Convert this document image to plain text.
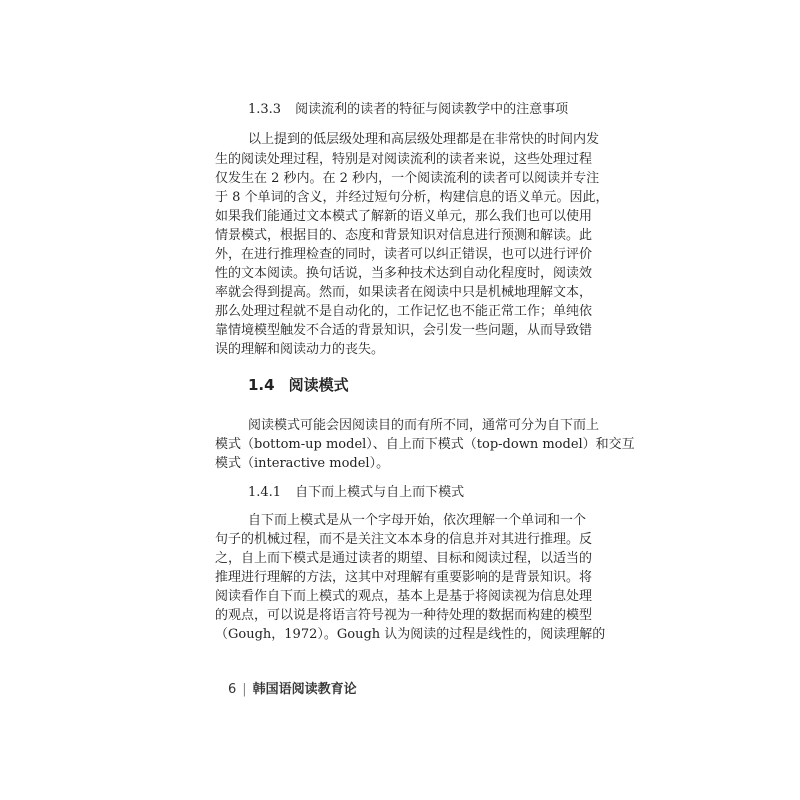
1.3.3 阅读流利的读者的特征与阅读教学中的注意事项
以上提到的低层级处理和高层级处理都是在非常快的时间内发
生的阅读处理过程，特别是对阅读流利的读者来说，这些处理过程
仅发生在 2 秒内。在 2 秒内，一个阅读流利的读者可以阅读并专注
于 8 个单词的含义，并经过短句分析，构建信息的语义单元。因此，
如果我们能通过文本模式了解新的语义单元，那么我们也可以使用
情景模式，根据目的、态度和背景知识对信息进行预测和解读。此
外，在进行推理检查的同时，读者可以纠正错误，也可以进行评价
性的文本阅读。换句话说，当多种技术达到自动化程度时，阅读效
率就会得到提高。然而，如果读者在阅读中只是机械地理解文本，
那么处理过程就不是自动化的，工作记忆也不能正常工作；单纯依
靠情境模型触发不合适的背景知识，会引发一些问题，从而导致错
误的理解和阅读动力的丧失。
1.4 阅读模式
阅读模式可能会因阅读目的而有所不同，通常可分为自下而上
模式（bottom-up model）、自上而下模式（top-down model）和交互
模式（interactive model）。
1.4.1 自下而上模式与自上而下模式
自下而上模式是从一个字母开始，依次理解一个单词和一个
句子的机械过程，而不是关注文本本身的信息并对其进行推理。反
之，自上而下模式是通过读者的期望、目标和阅读过程，以适当的
推理进行理解的方法，这其中对理解有重要影响的是背景知识。将
阅读看作自下而上模式的观点，基本上是基于将阅读视为信息处理
的观点，可以说是将语言符号视为一种待处理的数据而构建的模型
（Gough，1972）。Gough 认为阅读的过程是线性的，阅读理解的
6 | 韩国语阅读教育论
